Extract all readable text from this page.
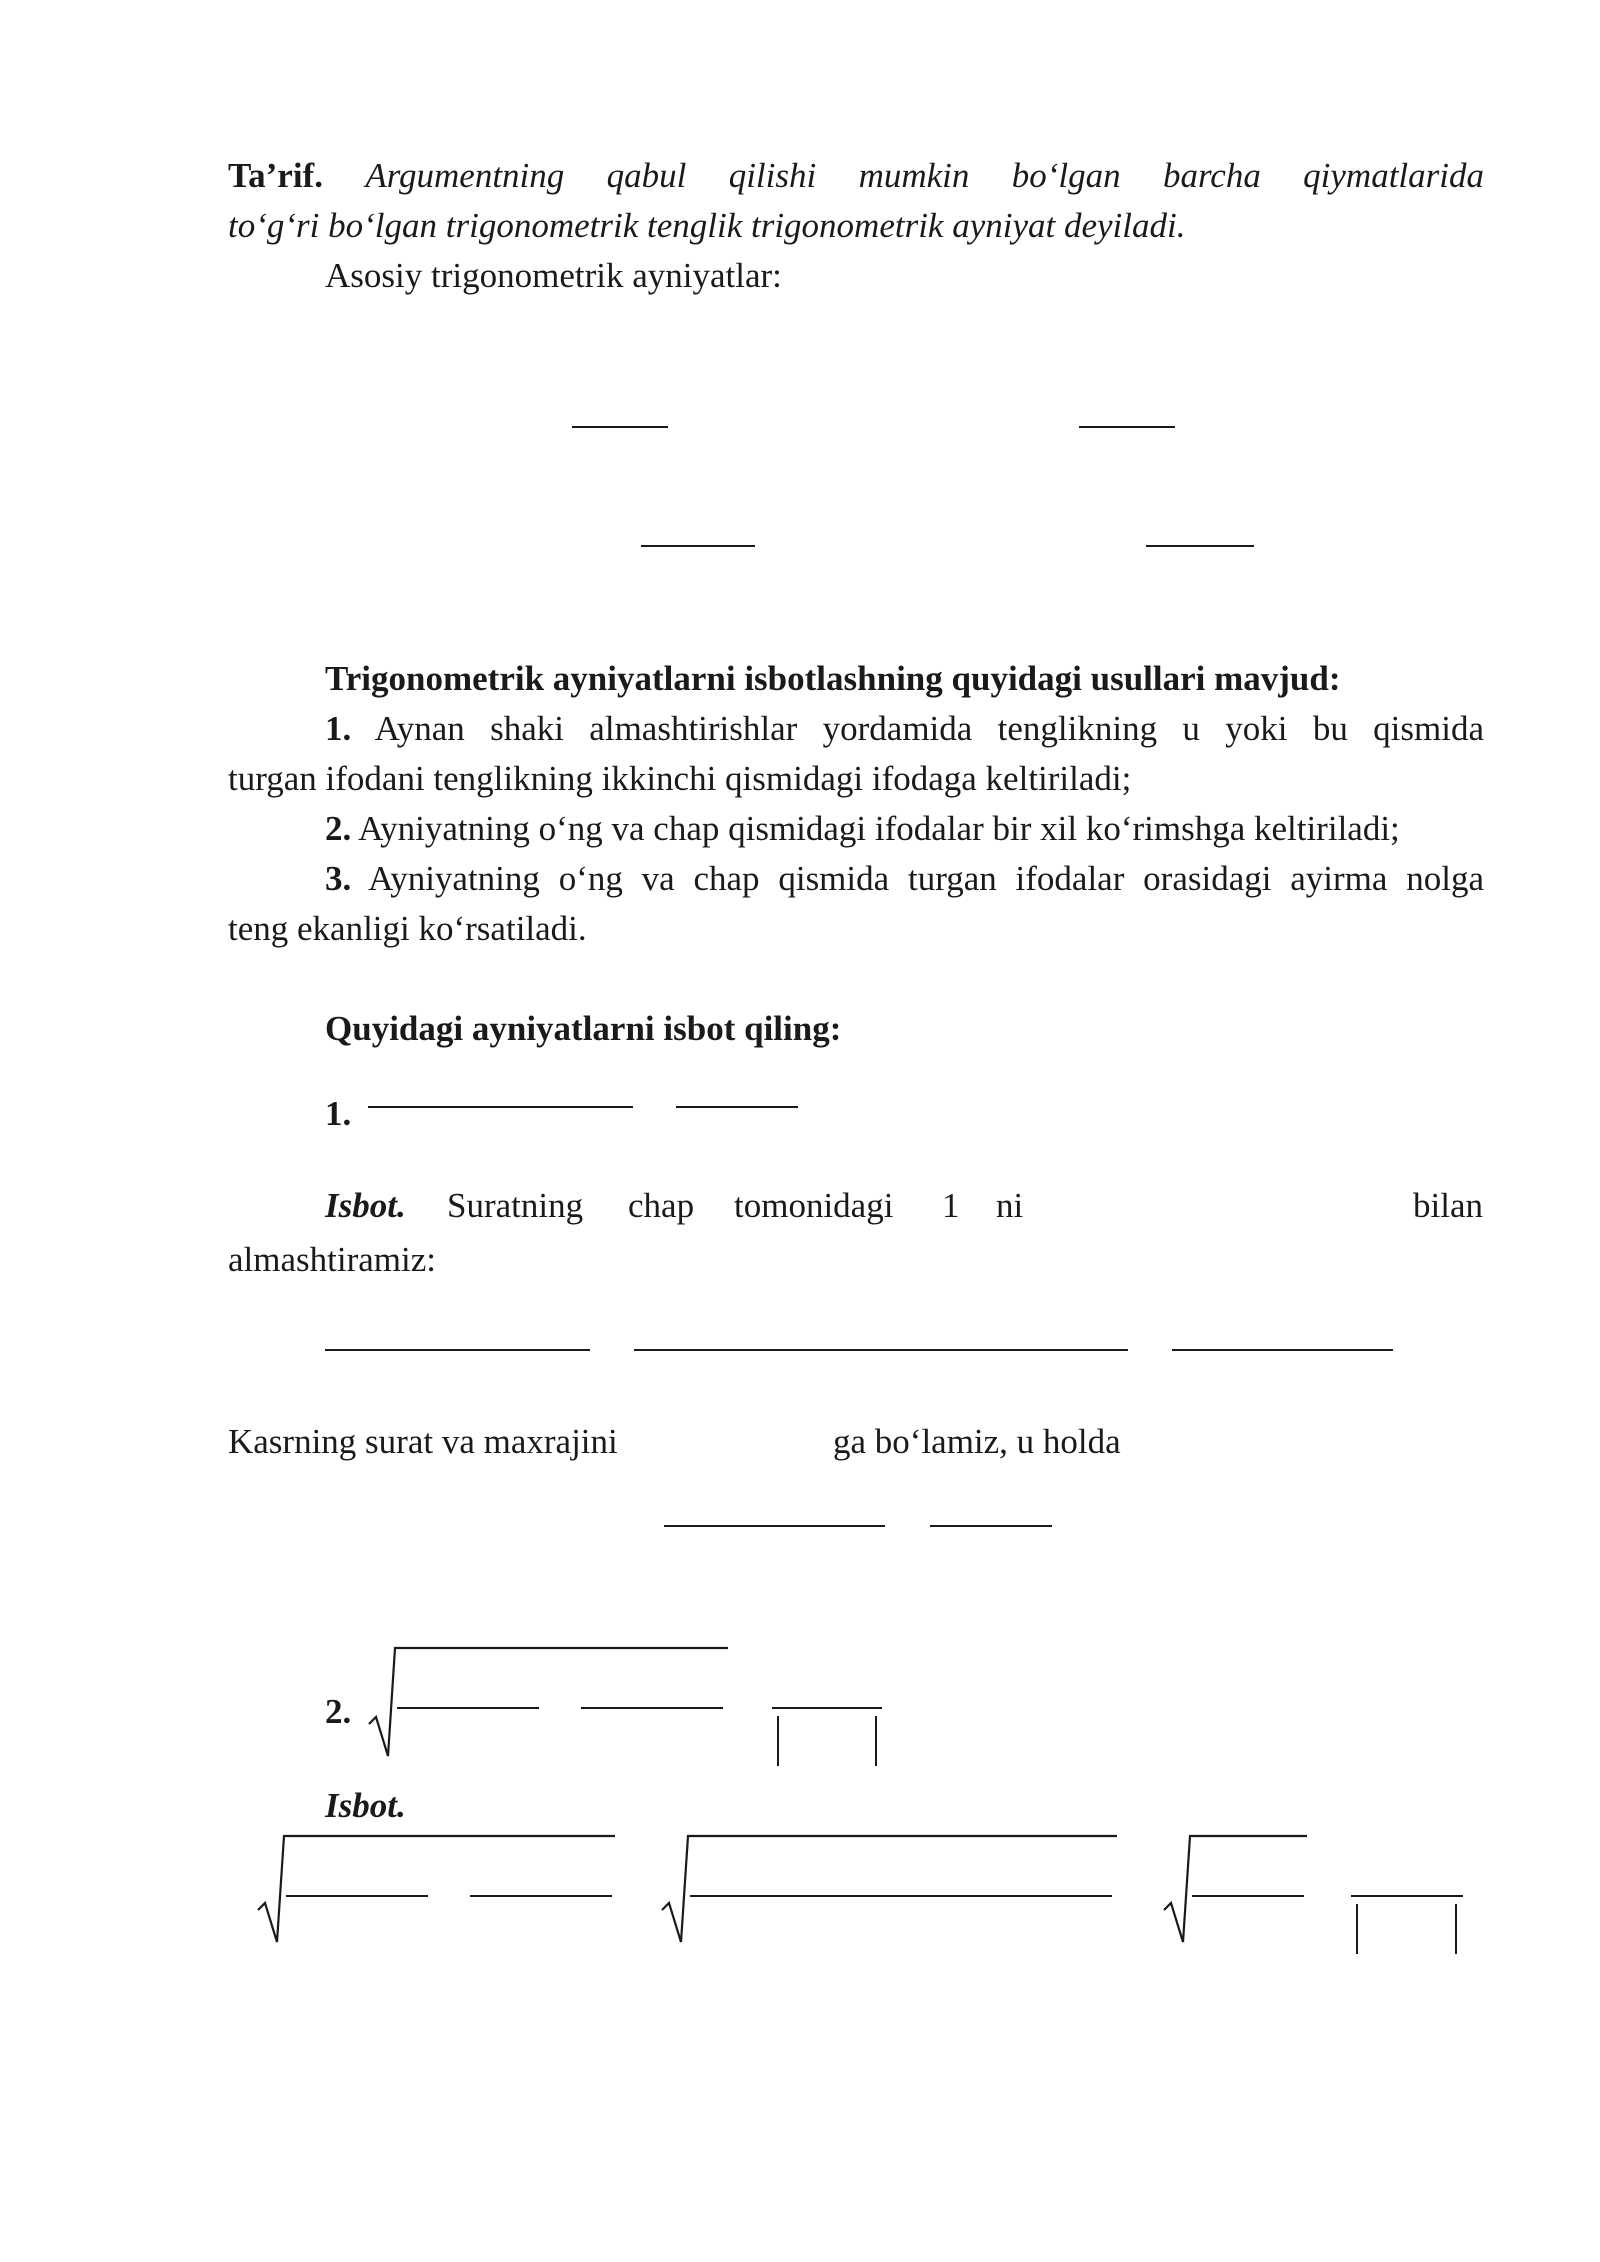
Ta’rif. Argumentning qabul qilishi mumkin bo‘lgan barcha qiymatlarida
to‘g‘ri bo‘lgan trigonometrik tenglik trigonometrik ayniyat deyiladi.
Asosiy trigonometrik ayniyatlar:
Trigonometrik ayniyatlarni isbotlashning quyidagi usullari mavjud:
1. Aynan shaki almashtirishlar yordamida tenglikning u yoki bu qismida
turgan ifodani tenglikning ikkinchi qismidagi ifodaga keltiriladi;
2. Ayniyatning o‘ng va chap qismidagi ifodalar bir xil ko‘rimshga keltiriladi;
3. Ayniyatning o‘ng va chap qismida turgan ifodalar orasidagi ayirma nolga
teng ekanligi ko‘rsatiladi.
Quyidagi ayniyatlarni isbot qiling:
1.
Isbot. Suratning chap tomonidagi 1 ni	bilan
almashtiramiz:
Kasrning surat va maxrajini	ga bo‘lamiz, u holda
2.
Isbot.
